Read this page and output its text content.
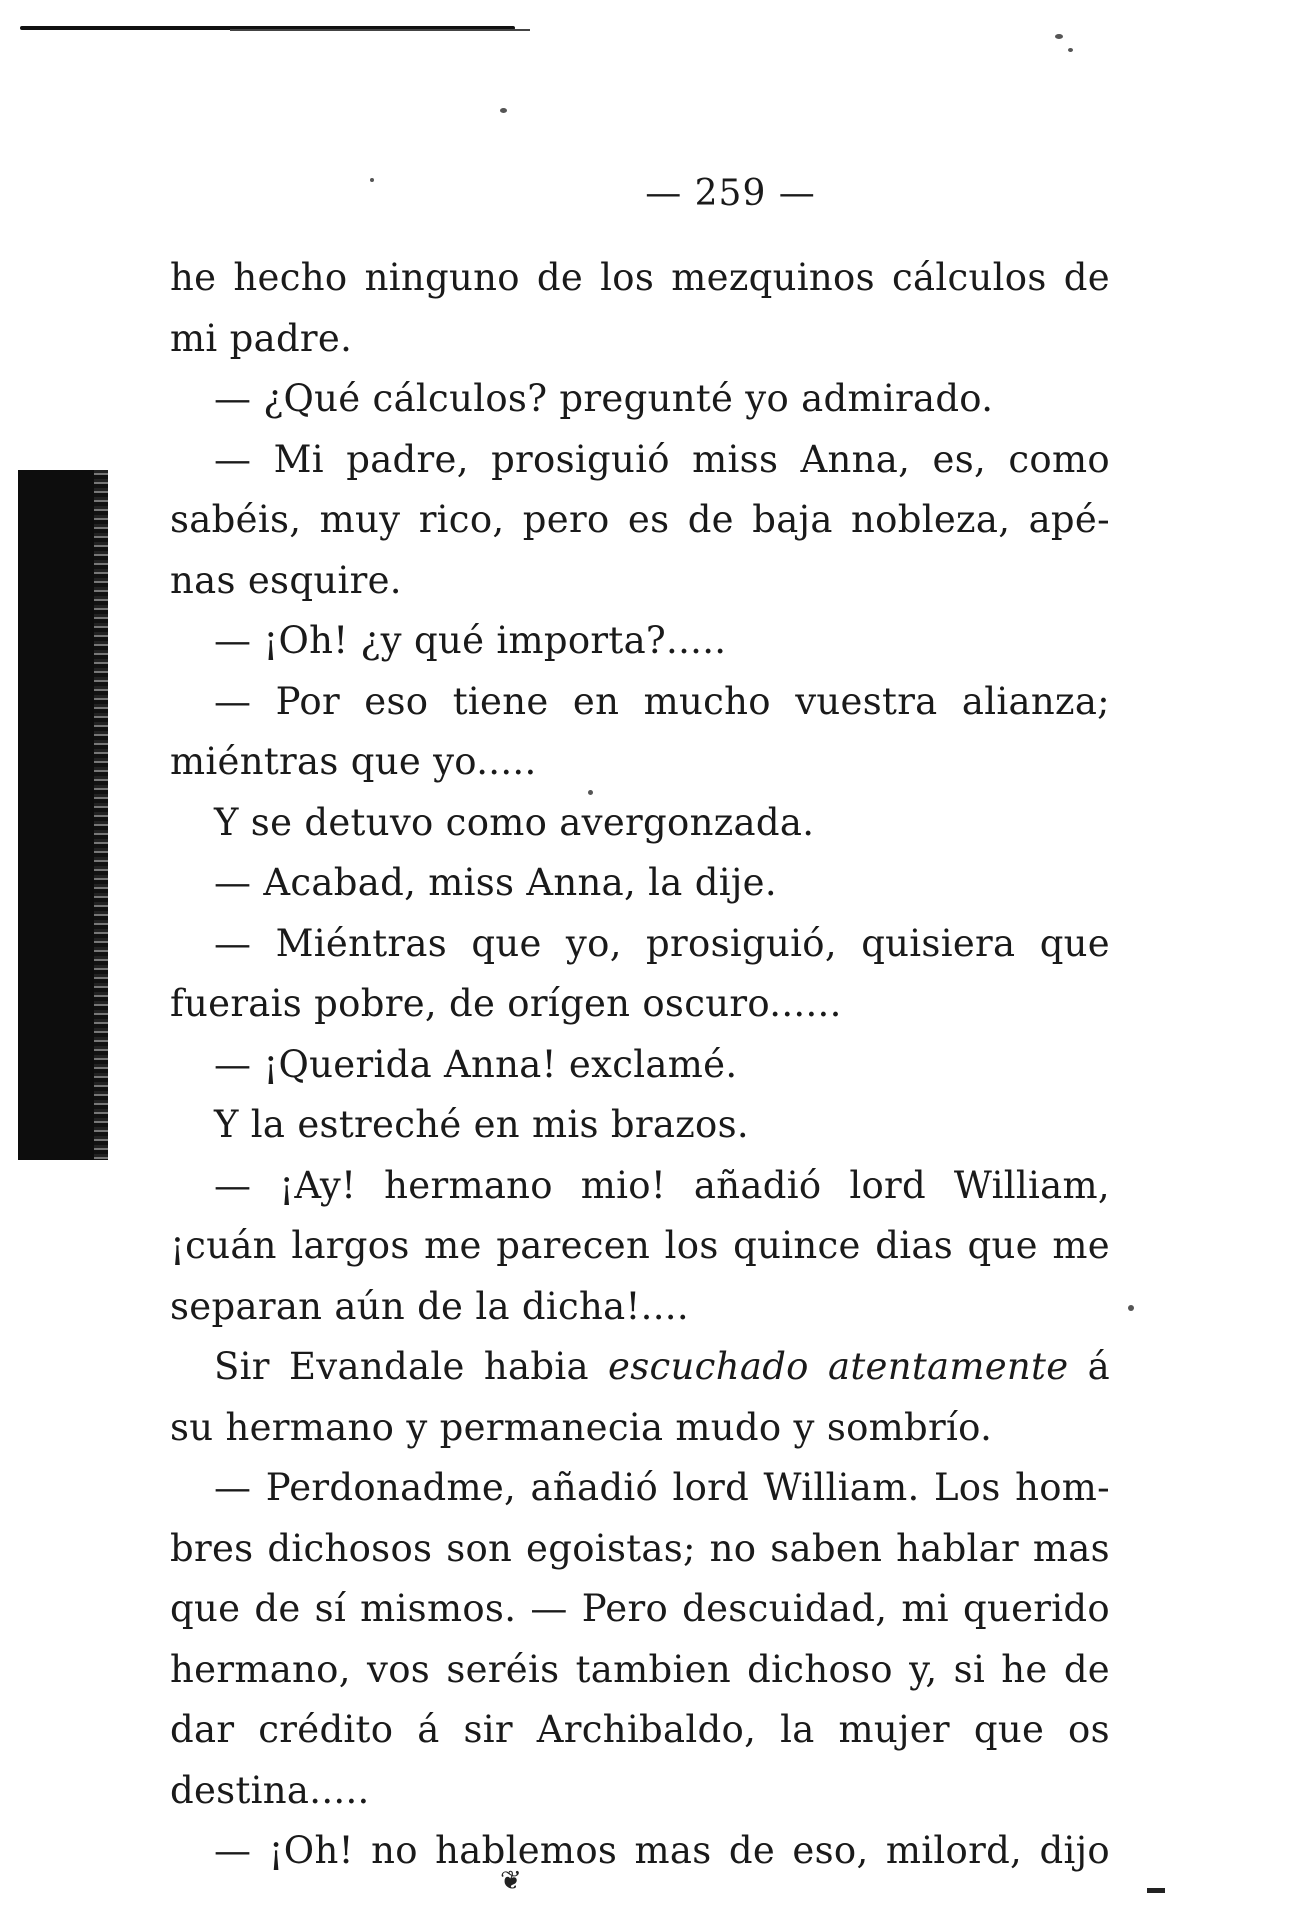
— 259 —
he hecho ninguno de los mezquinos cálculos de
mi padre.
— ¿Qué cálculos? pregunté yo admirado.
— Mi padre, prosiguió miss Anna, es, como
sabéis, muy rico, pero es de baja nobleza, apé-
nas esquire.
— ¡Oh! ¿y qué importa?.....
— Por eso tiene en mucho vuestra alianza;
miéntras que yo.....
Y se detuvo como avergonzada.
— Acabad, miss Anna, la dije.
— Miéntras que yo, prosiguió, quisiera que
fuerais pobre, de orígen oscuro......
— ¡Querida Anna! exclamé.
Y la estreché en mis brazos.
— ¡Ay! hermano mio! añadió lord William,
¡cuán largos me parecen los quince dias que me
separan aún de la dicha!....
Sir Evandale habia escuchado atentamente á
su hermano y permanecia mudo y sombrío.
— Perdonadme, añadió lord William. Los hom-
bres dichosos son egoistas; no saben hablar mas
que de sí mismos. — Pero descuidad, mi querido
hermano, vos seréis tambien dichoso y, si he de
dar crédito á sir Archibaldo, la mujer que os
destina.....
— ¡Oh! no hablemos mas de eso, milord, dijo
❦
